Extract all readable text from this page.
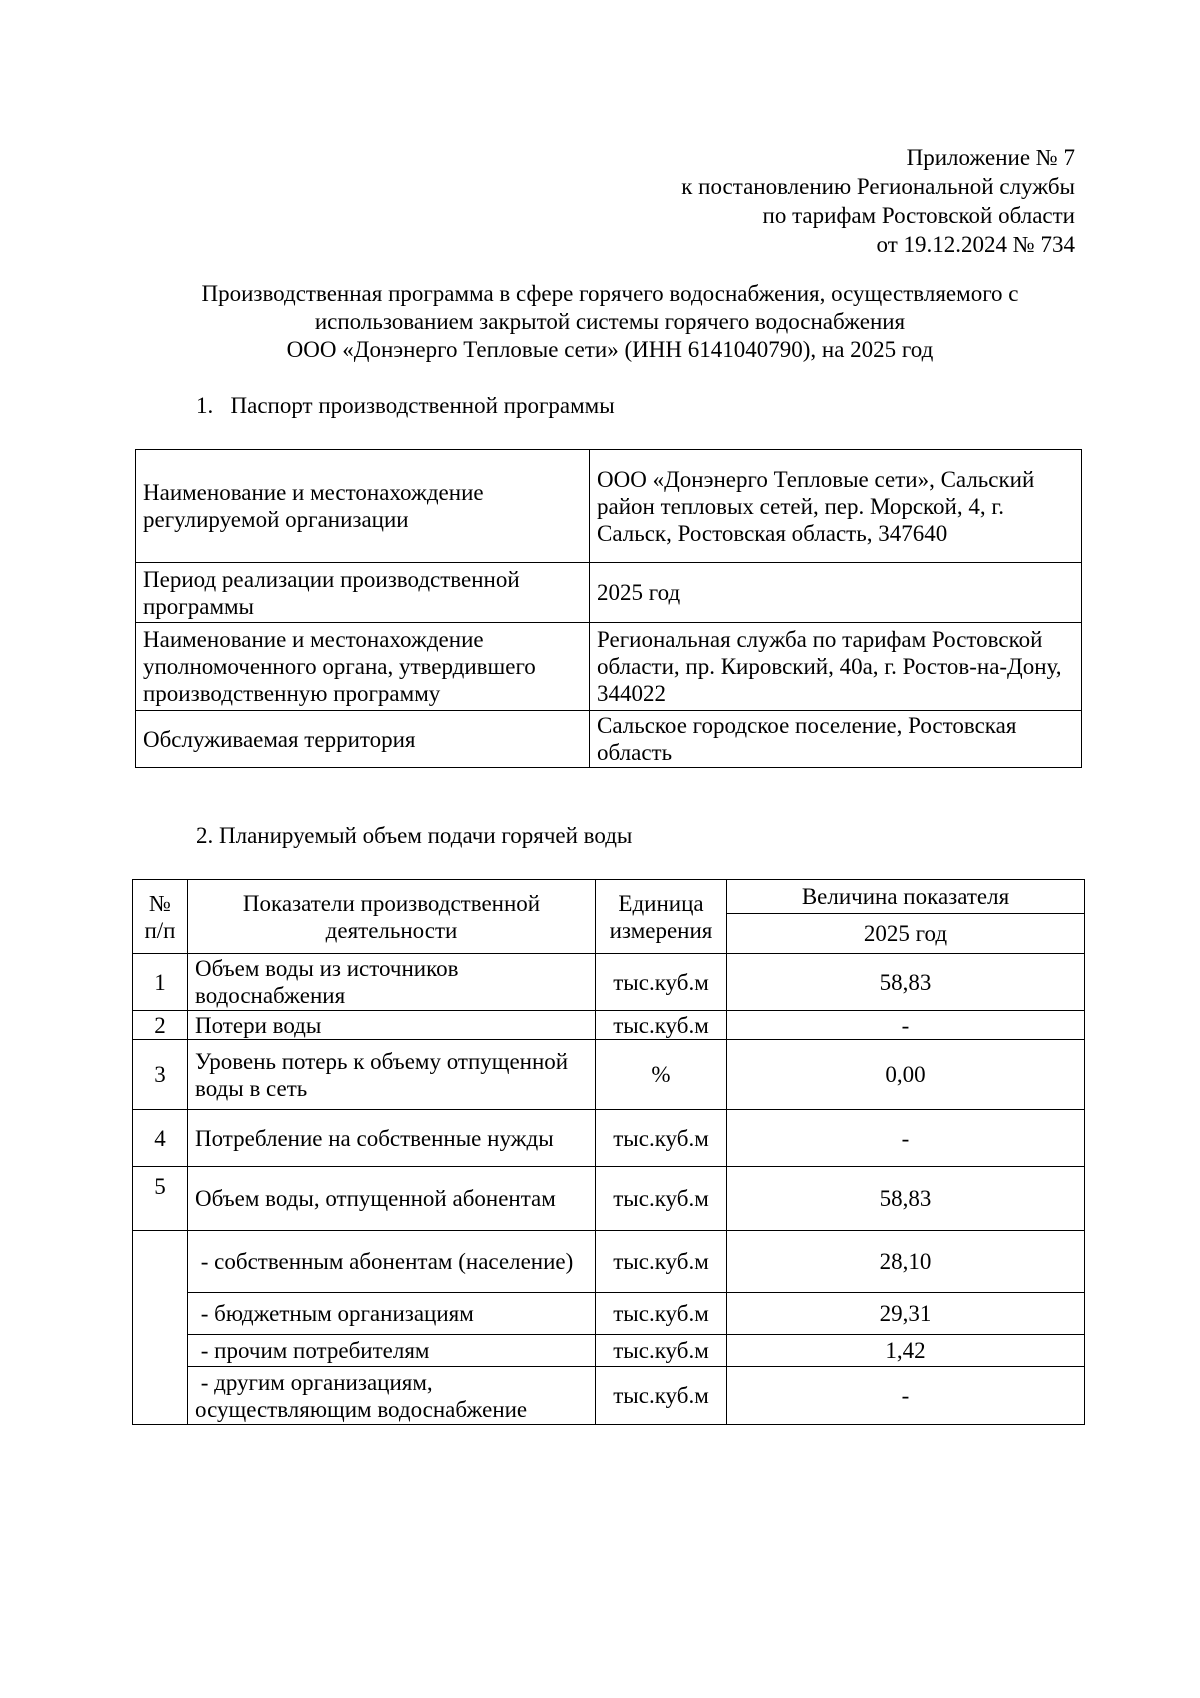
Приложение № 7
к постановлению Региональной службы
по тарифам Ростовской области
от 19.12.2024 № 734
Производственная программа в сфере горячего водоснабжения, осуществляемого с
использованием закрытой системы горячего водоснабжения
ООО «Донэнерго Тепловые сети» (ИНН 6141040790), на 2025 год
1.   Паспорт производственной программы
Наименование и местонахождение регулируемой организации	ООО «Донэнерго Тепловые сети», Сальский район тепловых сетей, пер. Морской, 4, г. Сальск, Ростовская область, 347640
Период реализации производственной программы	2025 год
Наименование и местонахождение уполномоченного органа, утвердившего производственную программу	Региональная служба по тарифам Ростовской области, пр. Кировский, 40а, г. Ростов-на-Дону, 344022
Обслуживаемая территория	Сальское городское поселение, Ростовская область
2. Планируемый объем подачи горячей воды
№ п/п	Показатели производственной деятельности	Единица измерения	Величина показателя
			2025 год
1	Объем воды из источников водоснабжения	тыс.куб.м	58,83
2	Потери воды	тыс.куб.м	-
3	Уровень потерь к объему отпущенной воды в сеть	%	0,00
4	Потребление на собственные нужды	тыс.куб.м	-
5	Объем воды, отпущенной абонентам	тыс.куб.м	58,83
	- собственным абонентам (население)	тыс.куб.м	28,10
	- бюджетным организациям	тыс.куб.м	29,31
	- прочим потребителям	тыс.куб.м	1,42
	- другим организациям, осуществляющим водоснабжение	тыс.куб.м	-
